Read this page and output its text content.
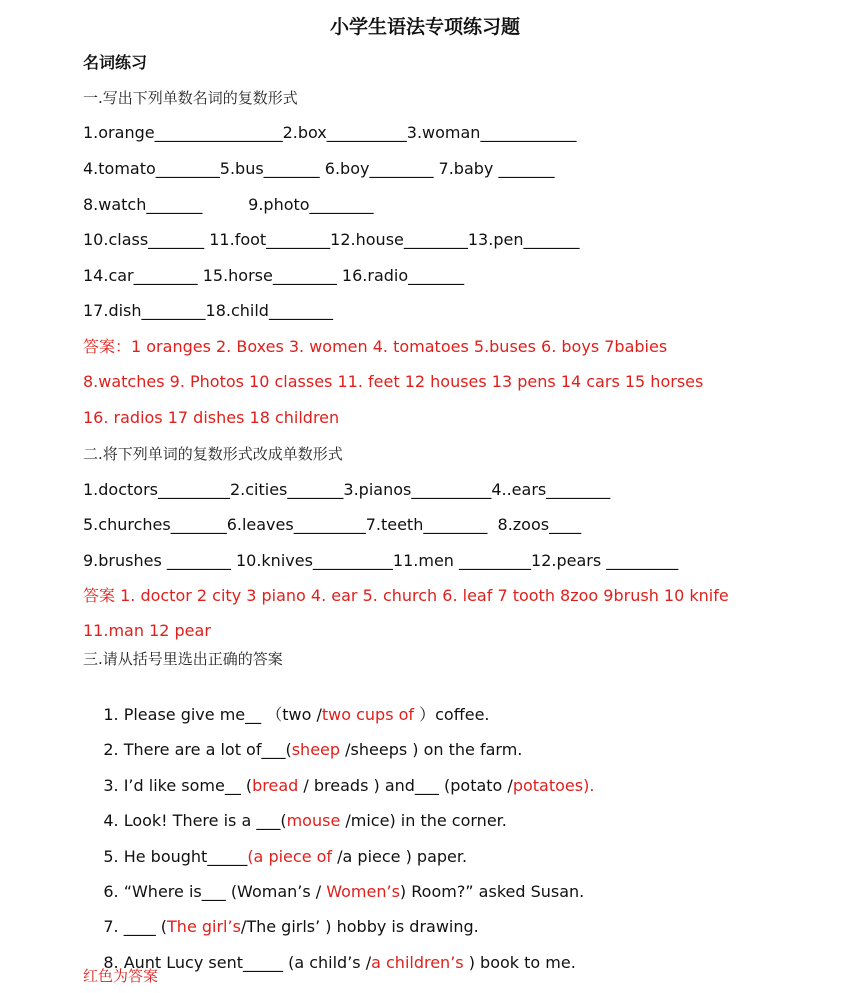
小学生语法专项练习题
名词练习
一.写出下列单数名词的复数形式
1.orange________________2.box__________3.woman____________
4.tomato________5.bus_______ 6.boy________ 7.baby _______
8.watch_______         9.photo________
10.class_______ 11.foot________12.house________13.pen_______
14.car________ 15.horse________ 16.radio_______
17.dish________18.child________
答案：1 oranges 2. Boxes 3. women 4. tomatoes 5.buses 6. boys 7babies
8.watches 9. Photos 10 classes 11. feet 12 houses 13 pens 14 cars 15 horses
16. radios 17 dishes 18 children
二.将下列单词的复数形式改成单数形式
1.doctors_________2.cities_______3.pianos__________4..ears________
5.churches_______6.leaves_________7.teeth________  8.zoos____
9.brushes ________ 10.knives__________11.men _________12.pears _________
答案 1. doctor 2 city 3 piano 4. ear 5. church 6. leaf 7 tooth 8zoo 9brush 10 knife
11.man 12 pear
三.请从括号里选出正确的答案

1. Please give me__ （two /two cups of ）coffee.

2. There are a lot of___(sheep /sheeps ) on the farm.

3. I’d like some__ (bread / breads ) and___ (potato /potatoes).

4. Look! There is a ___(mouse /mice) in the corner.

5. He bought_____(a piece of /a piece ) paper.

6. “Where is___ (Woman’s / Women’s) Room?” asked Susan.

7. ____ (The girl’s/The girls’ ) hobby is drawing.

8. Aunt Lucy sent_____ (a child’s /a children’s ) book to me.

红色为答案
